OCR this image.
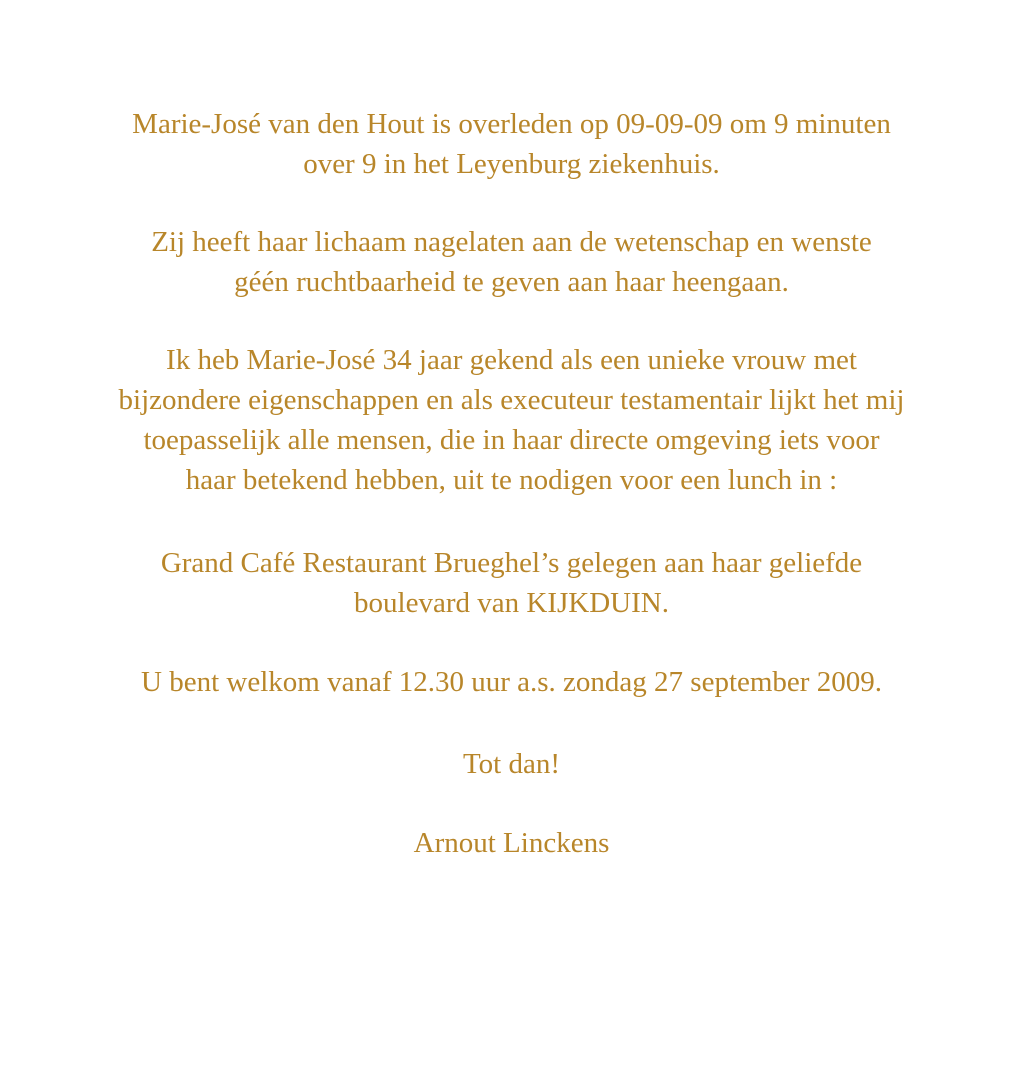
Marie-José van den Hout is overleden op 09-09-09 om 9 minuten
over 9 in het Leyenburg ziekenhuis.

Zij heeft haar lichaam nagelaten aan de wetenschap en wenste
géén ruchtbaarheid te geven aan haar heengaan.

Ik heb Marie-José 34 jaar gekend als een unieke vrouw met
bijzondere eigenschappen en als executeur testamentair lijkt het mij
toepasselijk alle mensen, die in haar directe omgeving iets voor
haar betekend hebben, uit te nodigen voor een lunch in :

Grand Café Restaurant Brueghel’s gelegen aan haar geliefde
boulevard van KIJKDUIN.

U bent welkom vanaf 12.30 uur a.s. zondag 27 september 2009.

Tot dan!

Arnout Linckens
